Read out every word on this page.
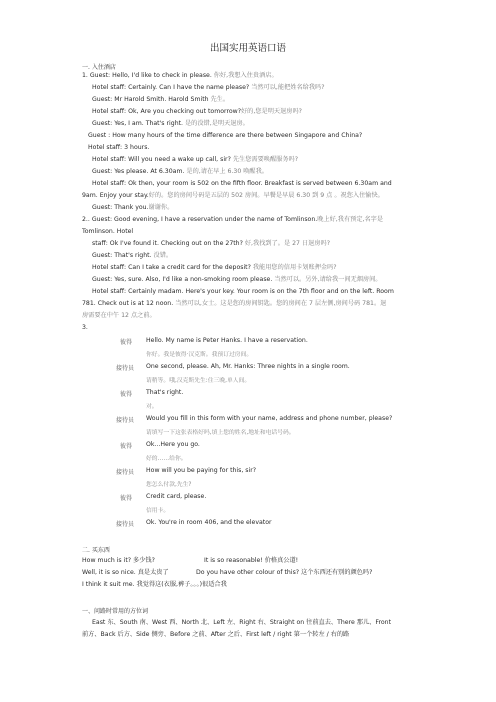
出国实用英语口语
一. 入住酒店
1. Guest: Hello, I'd like to check in please. 你好,我想入住贵酒店。
Hotel staff: Certainly. Can I have the name please? 当然可以,能把姓名给我吗?
Guest: Mr Harold Smith. Harold Smith 先生。
Hotel staff: Ok, Are you checking out tomorrow?好的,您是明天退房吗?
Guest: Yes, I am. That's right. 是的没错,是明天退房。
Guest : How many hours of the time difference are there between Singapore and China?
Hotel staff: 3 hours.
Hotel staff: Will you need a wake up call, sir? 先生您需要唤醒服务吗?
Guest: Yes please. At 6.30am. 是的,请在早上 6.30 唤醒我。
Hotel staff: Ok then, your room is 502 on the fifth floor. Breakfast is served between 6.30am and
9am. Enjoy your stay.好的。您的房间号码是五层的 502 房间。早餐是早晨 6.30 到 9 点 。祝您入住愉快。
Guest: Thank you.谢谢你。
2.. Guest: Good evening, I have a reservation under the name of Tomlinson.晚上好,我有预定,名字是
Tomlinson. Hotel
staff: Ok I've found it. Checking out on the 27th? 好,我找到了。是 27 日退房吗?
Guest: That's right. 没错。
Hotel staff: Can I take a credit card for the deposit? 我能用您的信用卡划账押金吗?
Guest: Yes, sure. Also, I'd like a non-smoking room please. 当然可以。另外,请给我一间无烟房间。
Hotel staff: Certainly madam. Here's your key. Your room is on the 7th floor and on the left. Room
781. Check out is at 12 noon. 当然可以,女士。这是您的房间钥匙。您的房间在 7 层左侧,房间号码 781。退
房需要在中午 12 点之前。
3.
彼得 Hello. My name is Peter Hanks. I have a reservation.
你好。我是彼得·汉克斯。我预订过房间。
接待员 One second, please. Ah, Mr. Hanks: Three nights in a single room.
请稍等。哦,汉克斯先生:住三晚,单人间。
彼得 That's right.
对。
接待员 Would you fill in this form with your name, address and phone number, please?
请填写一下这张表格好吗,填上您的姓名,地址和电话号码。
彼得 Ok...Here you go.
好的……给你。
接待员 How will you be paying for this, sir?
您怎么付款,先生?
彼得 Credit card, please.
信用卡。
接待员 Ok. You're in room 406, and the elevator
二. 买东西
How much is it? 多少钱?	It is so reasonable! 价格真公道!
Well, it is so nice. 真是太贵了	Do you have other colour of this? 这个东西还有别的颜色吗?
I think it suit me. 我觉得这(衣服,裤子。。。)很适合我
一、问路时常用的方位词
East 东、South 南、West 西、North 北、Left 左、Right 右、Straight on 往前直去、There 那儿、Front
前方、Back 后方、Side 侧旁、Before 之前、After 之后、First left / right 第一个转左 / 右的路
